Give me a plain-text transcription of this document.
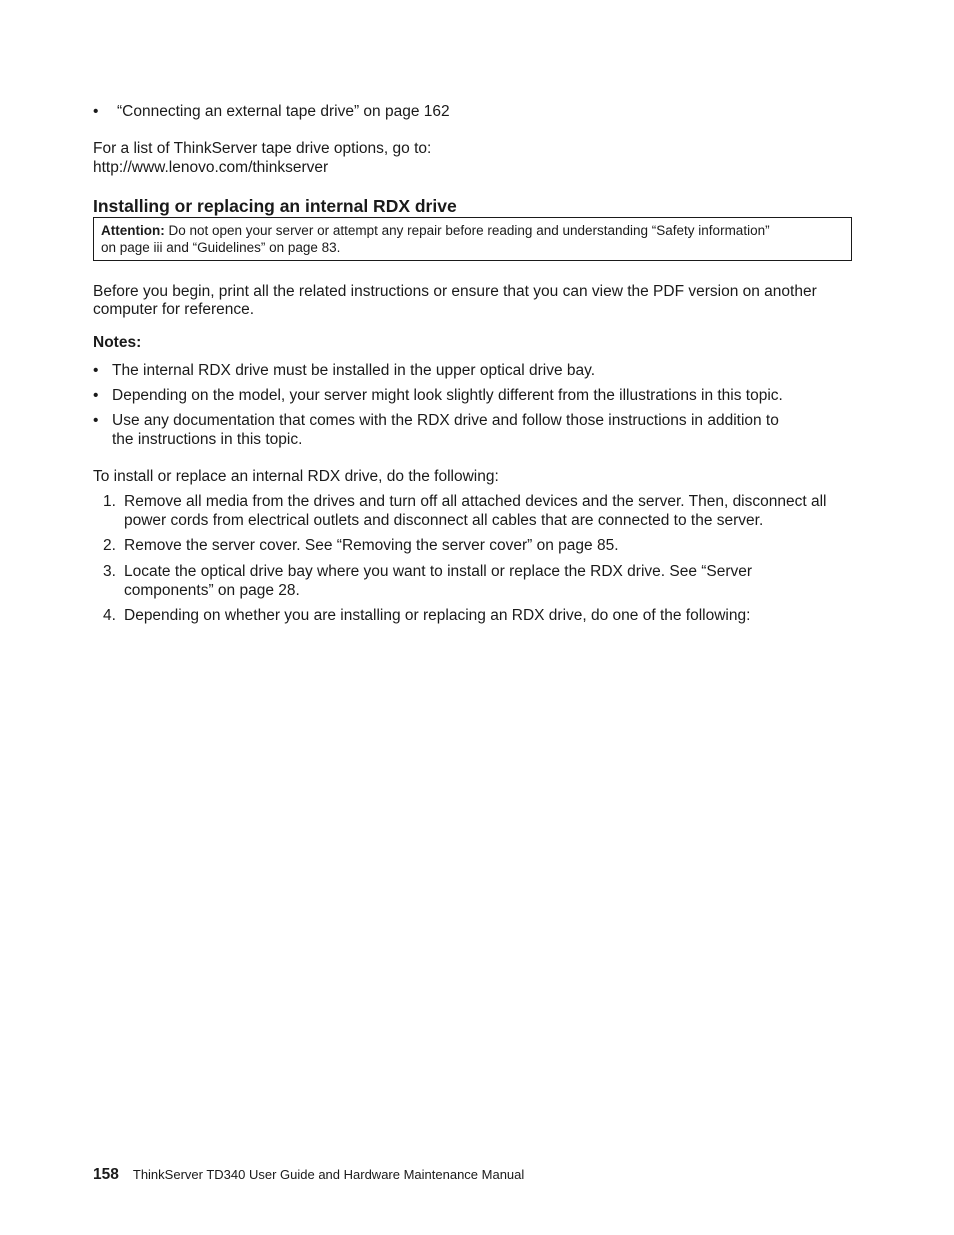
• “Connecting an external tape drive” on page 162
For a list of ThinkServer tape drive options, go to:
http://www.lenovo.com/thinkserver
Installing or replacing an internal RDX drive
Attention: Do not open your server or attempt any repair before reading and understanding “Safety information”
on page iii and “Guidelines” on page 83.
Before you begin, print all the related instructions or ensure that you can view the PDF version on another
computer for reference.
Notes:
• The internal RDX drive must be installed in the upper optical drive bay.
• Depending on the model, your server might look slightly different from the illustrations in this topic.
• Use any documentation that comes with the RDX drive and follow those instructions in addition to
the instructions in this topic.
To install or replace an internal RDX drive, do the following:
1. Remove all media from the drives and turn off all attached devices and the server. Then, disconnect all
power cords from electrical outlets and disconnect all cables that are connected to the server.
2. Remove the server cover. See “Removing the server cover” on page 85.
3. Locate the optical drive bay where you want to install or replace the RDX drive. See “Server
components” on page 28.
4. Depending on whether you are installing or replacing an RDX drive, do one of the following:
158 ThinkServer TD340 User Guide and Hardware Maintenance Manual
